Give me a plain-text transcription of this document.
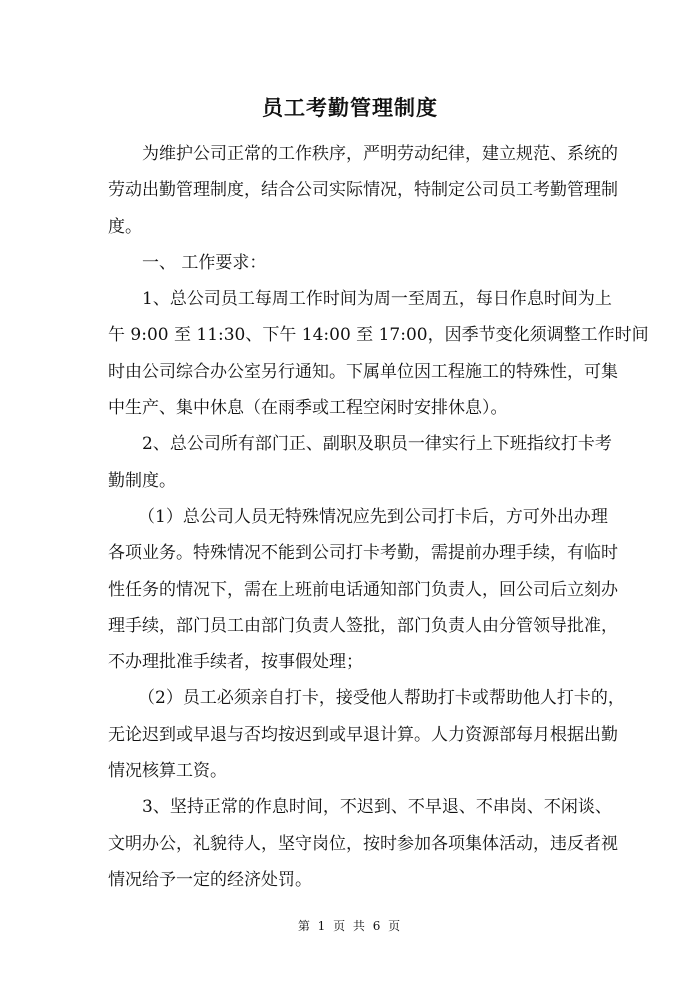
员工考勤管理制度
为维护公司正常的工作秩序，严明劳动纪律，建立规范、系统的
劳动出勤管理制度，结合公司实际情况，特制定公司员工考勤管理制
度。
一、 工作要求：
1、总公司员工每周工作时间为周一至周五，每日作息时间为上
午 9:00 至 11:30、下午 14:00 至 17:00，因季节变化须调整工作时间
时由公司综合办公室另行通知。下属单位因工程施工的特殊性，可集
中生产、集中休息（在雨季或工程空闲时安排休息）。
2、总公司所有部门正、副职及职员一律实行上下班指纹打卡考
勤制度。
（1）总公司人员无特殊情况应先到公司打卡后，方可外出办理
各项业务。特殊情况不能到公司打卡考勤，需提前办理手续，有临时
性任务的情况下，需在上班前电话通知部门负责人，回公司后立刻办
理手续，部门员工由部门负责人签批，部门负责人由分管领导批准，
不办理批准手续者，按事假处理；
（2）员工必须亲自打卡，接受他人帮助打卡或帮助他人打卡的，
无论迟到或早退与否均按迟到或早退计算。人力资源部每月根据出勤
情况核算工资。
3、坚持正常的作息时间，不迟到、不早退、不串岗、不闲谈、
文明办公，礼貌待人，坚守岗位，按时参加各项集体活动，违反者视
情况给予一定的经济处罚。
第 1 页 共 6 页
